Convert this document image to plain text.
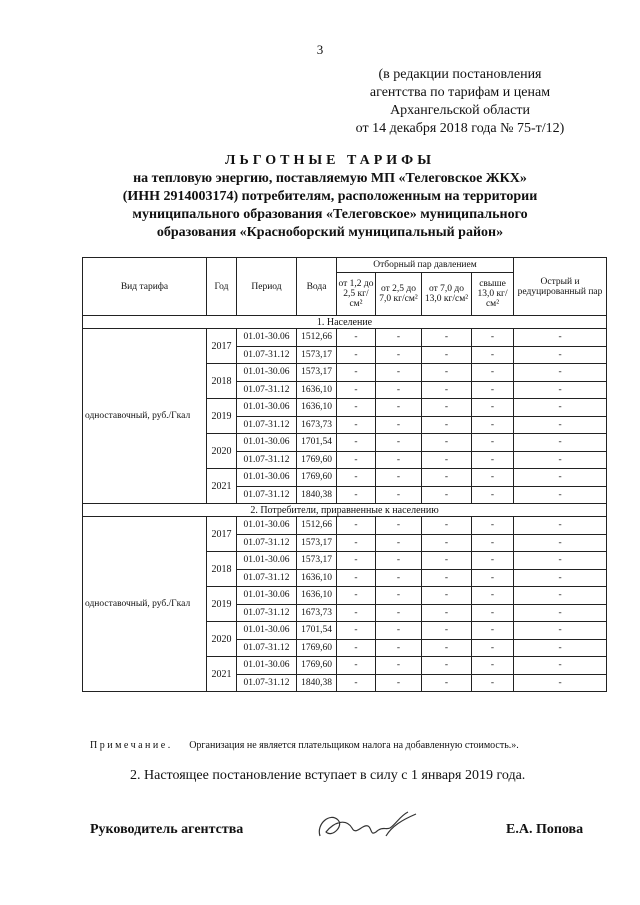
3
(в редакции постановления
агентства по тарифам и ценам
Архангельской области
от 14 декабря 2018 года № 75-т/12)
ЛЬГОТНЫЕ ТАРИФЫ
на тепловую энергию, поставляемую МП «Телеговское ЖКХ»
(ИНН 2914003174) потребителям, расположенным на территории
муниципального образования «Телеговское» муниципального
образования «Красноборский муниципальный район»
Вид тарифа	Год	Период	Вода	Отборный пар давлением				Острый и редуцированный пар
				от 1,2 до 2,5 кг/см²	от 2,5 до 7,0 кг/см²	от 7,0 до 13,0 кг/см²	свыше 13,0 кг/см²	
1. Население								
одноставочный, руб./Гкал	2017	01.01-30.06	1512,66	-	-	-	-	-
		01.07-31.12	1573,17	-	-	-	-	-
	2018	01.01-30.06	1573,17	-	-	-	-	-
		01.07-31.12	1636,10	-	-	-	-	-
	2019	01.01-30.06	1636,10	-	-	-	-	-
		01.07-31.12	1673,73	-	-	-	-	-
	2020	01.01-30.06	1701,54	-	-	-	-	-
		01.07-31.12	1769,60	-	-	-	-	-
	2021	01.01-30.06	1769,60	-	-	-	-	-
		01.07-31.12	1840,38	-	-	-	-	-
2. Потребители, приравненные к населению								
одноставочный, руб./Гкал	2017	01.01-30.06	1512,66	-	-	-	-	-
		01.07-31.12	1573,17	-	-	-	-	-
	2018	01.01-30.06	1573,17	-	-	-	-	-
		01.07-31.12	1636,10	-	-	-	-	-
	2019	01.01-30.06	1636,10	-	-	-	-	-
		01.07-31.12	1673,73	-	-	-	-	-
	2020	01.01-30.06	1701,54	-	-	-	-	-
		01.07-31.12	1769,60	-	-	-	-	-
	2021	01.01-30.06	1769,60	-	-	-	-	-
		01.07-31.12	1840,38	-	-	-	-	-
Примечание. Организация не является плательщиком налога на добавленную стоимость.».
2. Настоящее постановление вступает в силу с 1 января 2019 года.
Руководитель агентства	Е.А. Попова
